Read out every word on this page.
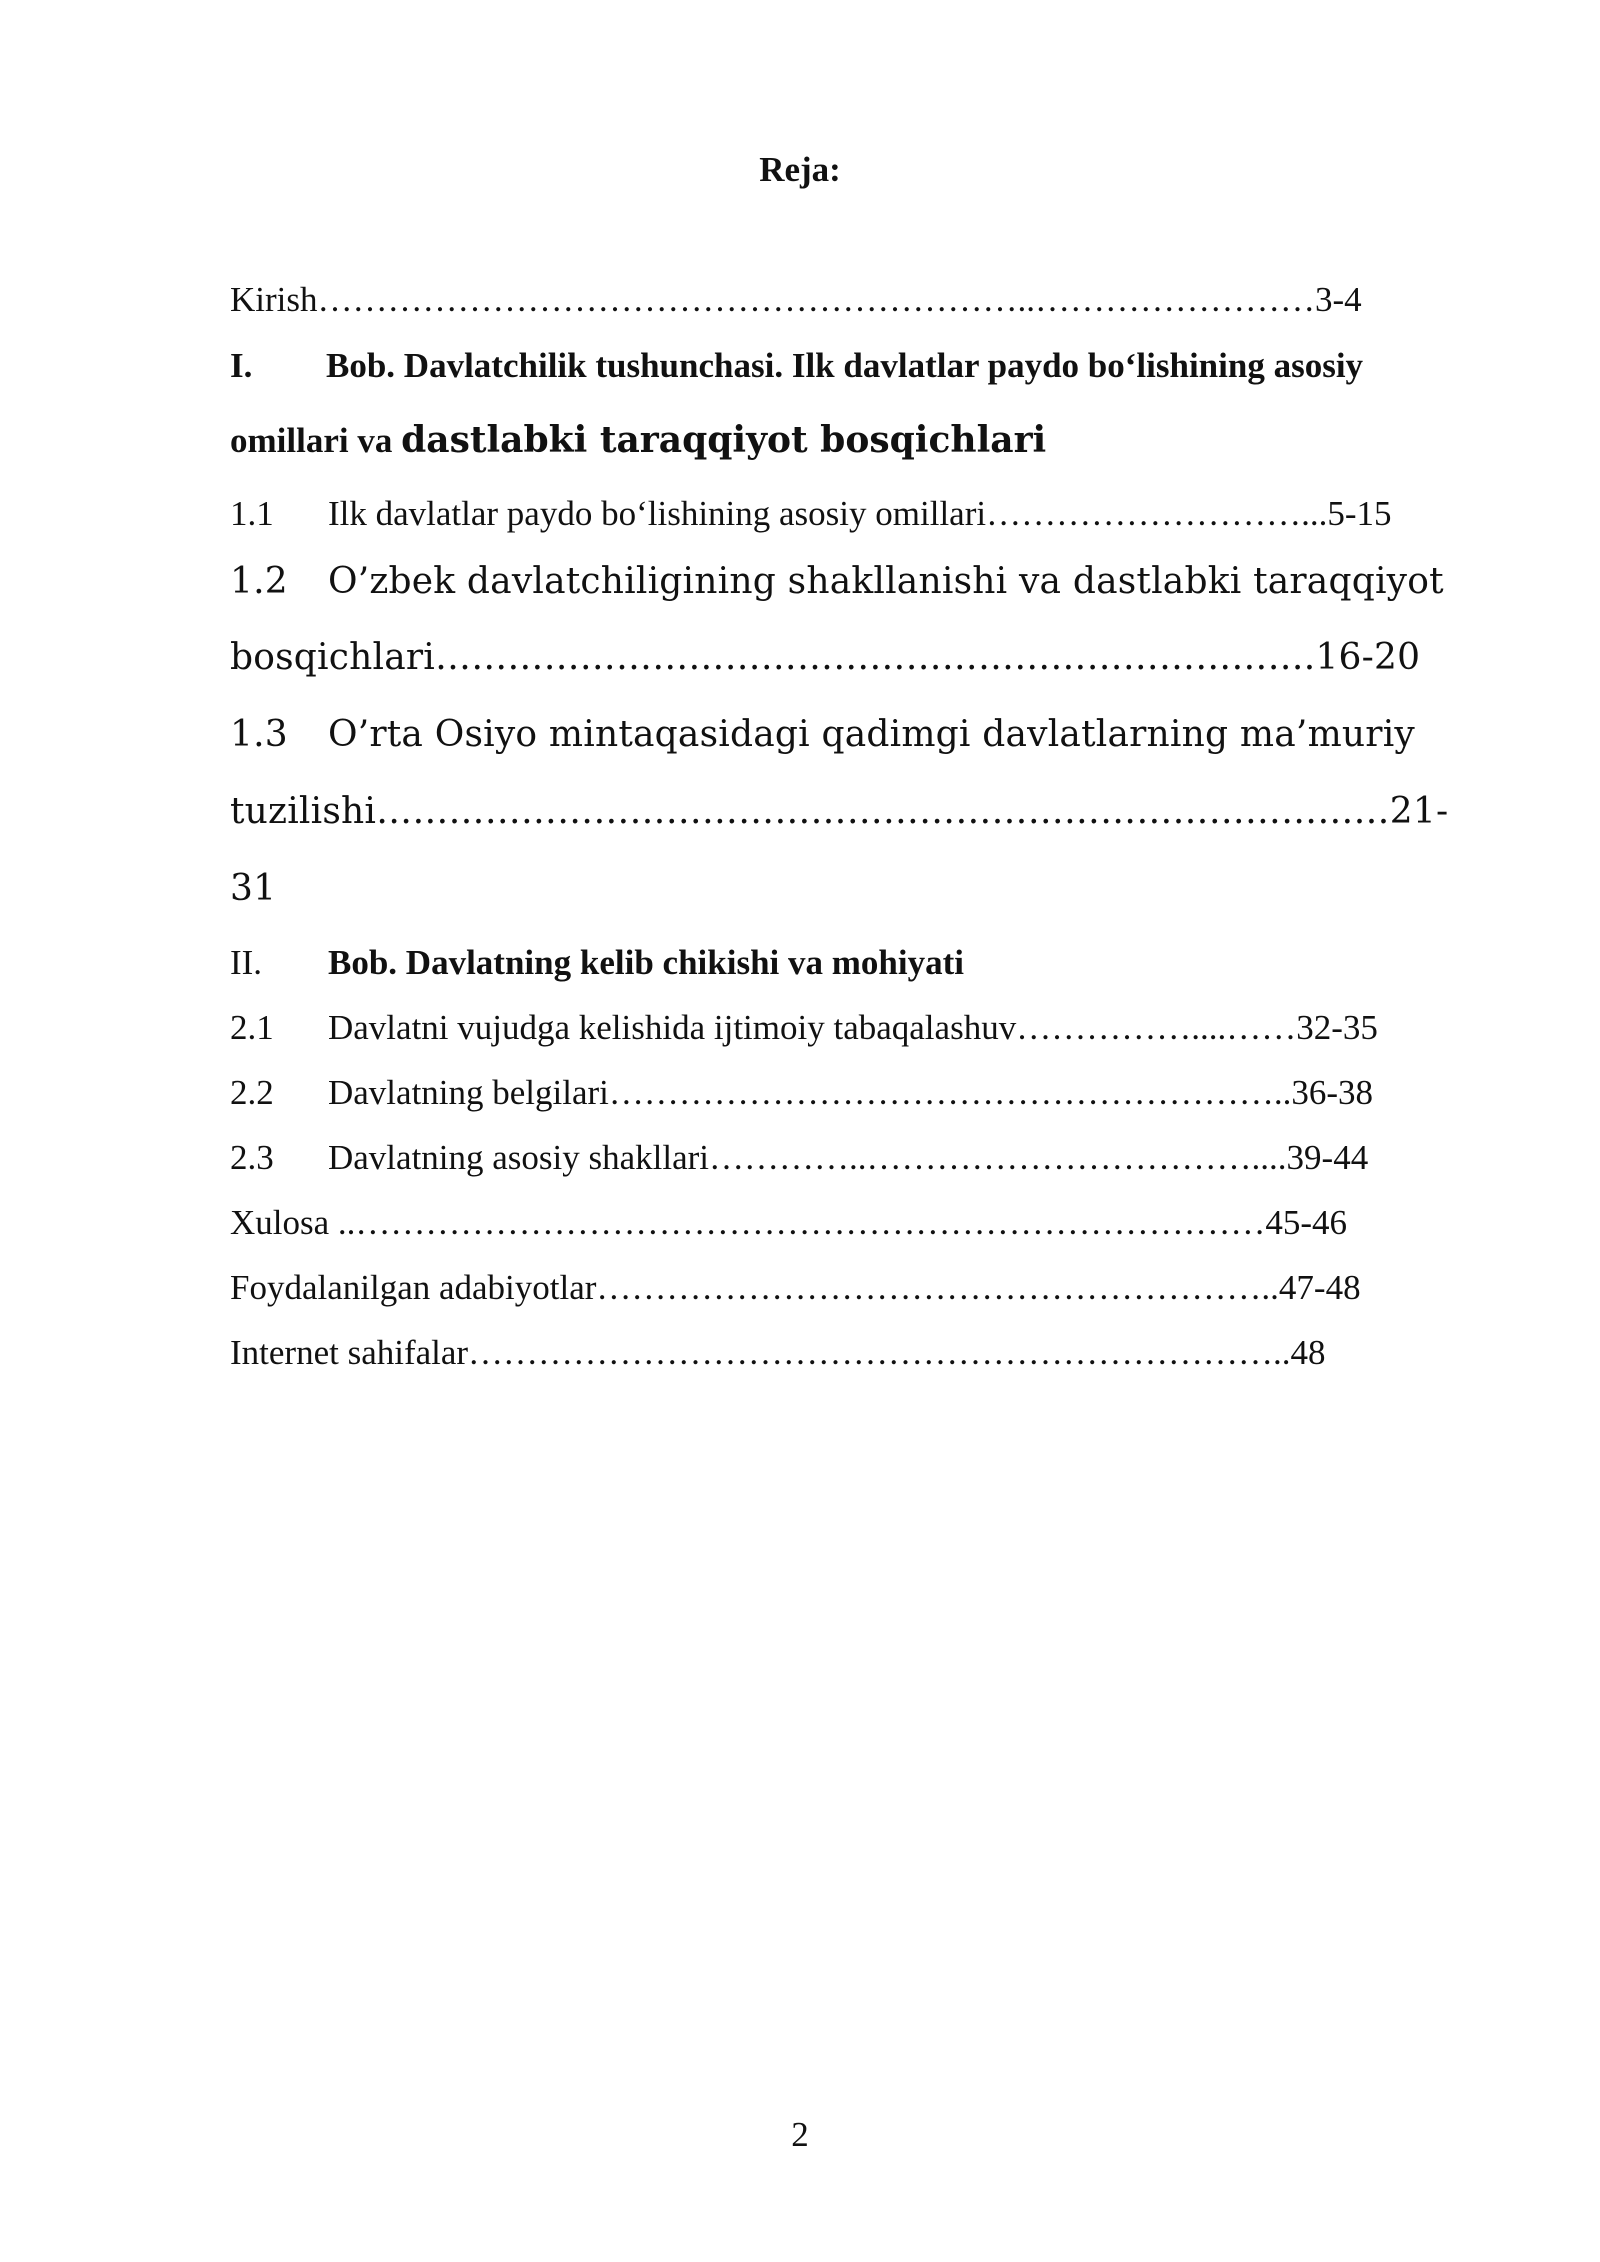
Reja:
Kirish……………………………………………………..……………………3-4
I. Bob. Davlatchilik tushunchasi. Ilk davlatlar paydo bo‘lishining asosiy
omillari va dastlabki taraqqiyot bosqichlari
1.1 Ilk davlatlar paydo bo‘lishining asosiy omillari………………………...5-15
1.2 O’zbek davlatchiligining shakllanishi va dastlabki taraqqiyot
bosqichlari……………………………………………………………….16-20
1.3 O’rta Osiyo mintaqasidagi qadimgi davlatlarning ma’muriy
tuzilishi…………………………………………………………………………21-
31
II. Bob. Davlatning kelib chikishi va mohiyati
2.1 Davlatni vujudga kelishida ijtimoiy tabaqalashuv……………....……32-35
2.2 Davlatning belgilari…………………………………………………..36-38
2.3 Davlatning asosiy shakllari…………..……………………………....39-44
Xulosa ..……………………………………………………………………45-46
Foydalanilgan adabiyotlar…………………………………………………..47-48
Internet sahifalar……………………………………………………………..48
2
